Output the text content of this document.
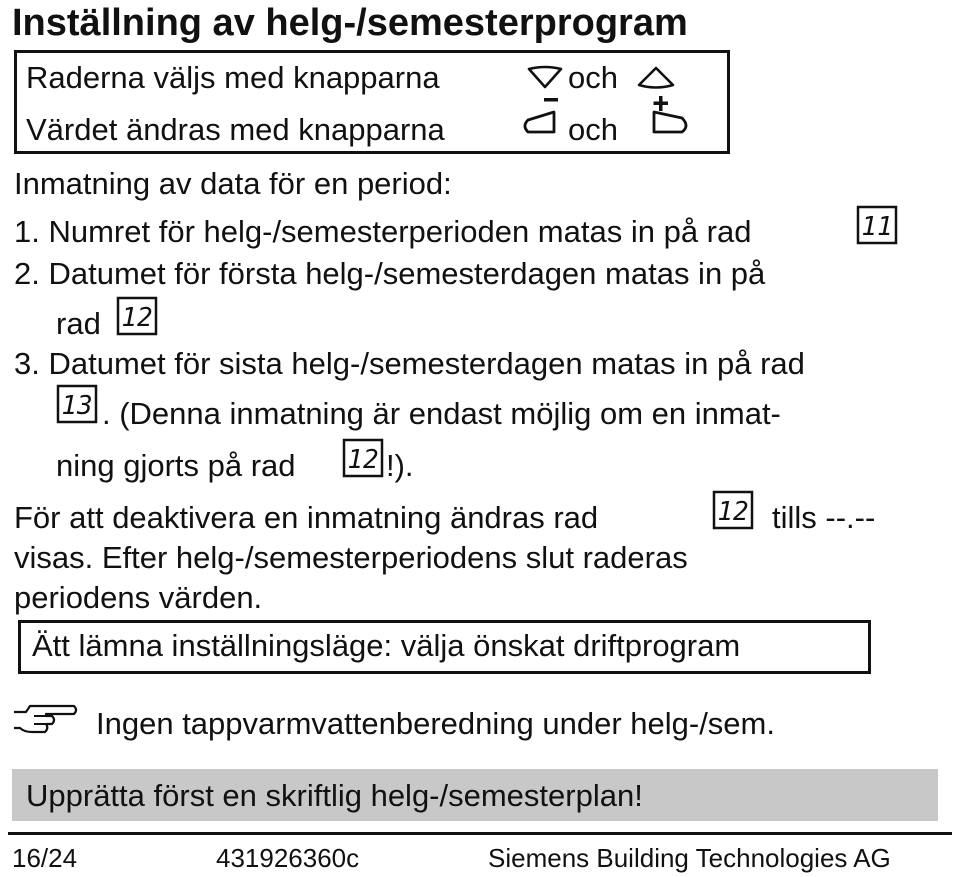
Inställning av helg-/semesterprogram
Raderna väljs med knapparna	och
Värdet ändras med knapparna	och
Inmatning av data för en period:
1. Numret för helg-/semesterperioden matas in på rad	11
2. Datumet för första helg-/semesterdagen matas in på
rad 12
3. Datumet för sista helg-/semesterdagen matas in på rad
13 . (Denna inmatning är endast möjlig om en inmat-
ning gjorts på rad 12 !).
För att deaktivera en inmatning ändras rad	12 tills --.--
visas. Efter helg-/semesterperiodens slut raderas
periodens värden.
Ätt lämna inställningsläge: välja önskat driftprogram
Ingen tappvarmvattenberedning under helg-/sem.
Upprätta först en skriftlig helg-/semesterplan!
16/24	431926360c	Siemens Building Technologies AG
